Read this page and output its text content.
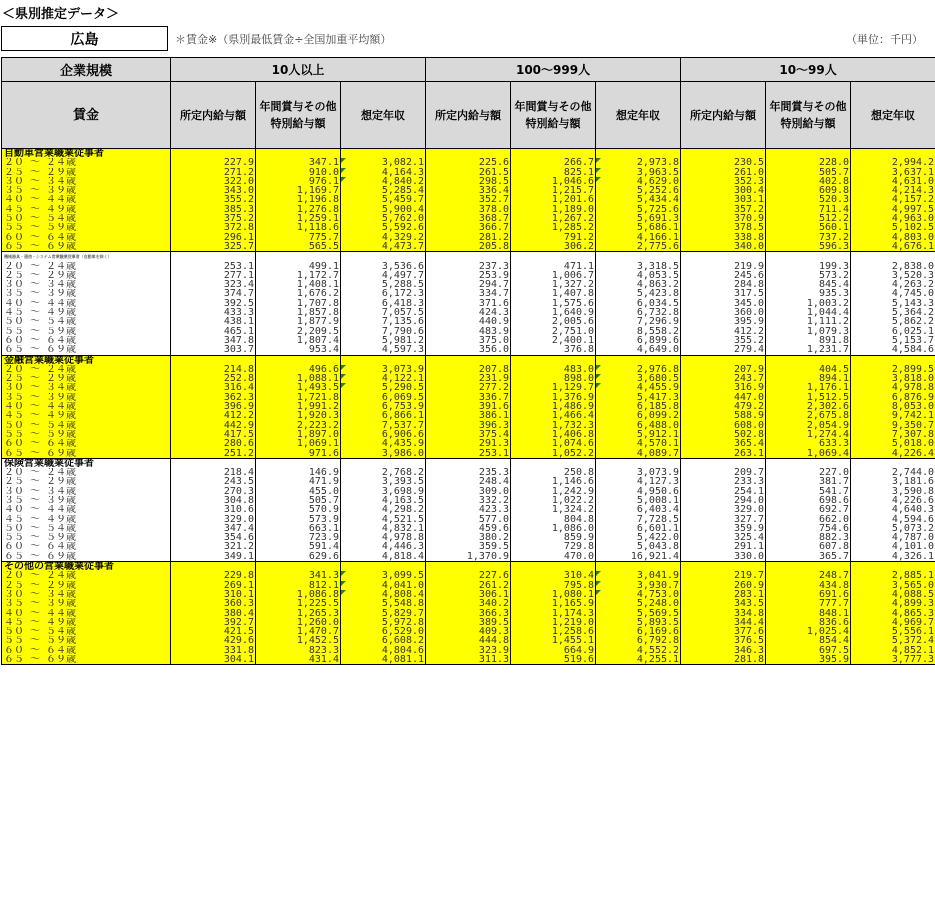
＜県別推定データ＞
広島	＊賃金※（県別最低賃金÷全国加重平均額）	（単位：千円）
企業規模	10人以上			100～999人			10～99人		
賃金	所定内給与額	年間賞与その他特別給与額	想定年収	所定内給与額	年間賞与その他特別給与額	想定年収	所定内給与額	年間賞与その他特別給与額	想定年収
自動車営業職業従事者									
２０ ～ ２４歳	227.9	347.1	3,082.1	225.6	266.7	2,973.8	230.5	228.0	2,994.2
２５ ～ ２９歳	271.2	910.0	4,164.3	261.5	825.1	3,963.5	261.0	505.7	3,637.1
３０ ～ ３４歳	322.0	976.1	4,840.2	298.5	1,046.6	4,629.0	352.3	402.8	4,631.0
３５ ～ ３９歳	343.0	1,169.7	5,285.4	336.4	1,215.7	5,252.6	300.4	609.8	4,214.3
４０ ～ ４４歳	355.2	1,196.8	5,459.7	352.7	1,201.6	5,434.4	303.1	520.3	4,157.2
４５ ～ ４９歳	385.3	1,276.8	5,900.4	378.0	1,189.0	5,725.6	357.2	711.4	4,997.5
５０ ～ ５４歳	375.2	1,259.1	5,762.0	368.7	1,267.2	5,691.3	370.9	512.2	4,963.0
５５ ～ ５９歳	372.8	1,118.6	5,592.6	366.7	1,285.2	5,686.1	378.5	560.1	5,102.5
６０ ～ ６４歳	296.1	775.7	4,329.2	281.2	791.2	4,166.1	338.8	737.2	4,803.0
６５ ～ ６９歳	325.7	565.5	4,473.7	205.8	306.2	2,775.6	340.0	596.3	4,676.1
機械器具・通信・システム営業職業従事者（自動車を除く）									
２０ ～ ２４歳	253.1	499.1	3,536.6	237.3	471.1	3,318.5	219.9	199.3	2,838.0
２５ ～ ２９歳	277.1	1,172.7	4,497.7	253.9	1,006.7	4,053.5	245.6	573.2	3,520.3
３０ ～ ３４歳	323.4	1,408.1	5,288.5	294.7	1,327.2	4,863.2	284.8	845.4	4,263.2
３５ ～ ３９歳	374.7	1,676.2	6,172.3	334.7	1,407.8	5,423.8	317.5	935.3	4,745.0
４０ ～ ４４歳	392.5	1,707.8	6,418.3	371.6	1,575.6	6,034.5	345.0	1,003.2	5,143.3
４５ ～ ４９歳	433.3	1,857.8	7,057.5	424.3	1,640.9	6,732.8	360.0	1,044.4	5,364.2
５０ ～ ５４歳	438.1	1,877.9	7,135.6	440.9	2,005.6	7,296.9	395.9	1,111.2	5,862.2
５５ ～ ５９歳	465.1	2,209.5	7,790.6	483.9	2,751.0	8,558.2	412.2	1,079.3	6,025.1
６０ ～ ６４歳	347.8	1,807.4	5,981.2	375.0	2,400.1	6,899.6	355.2	891.8	5,153.7
６５ ～ ６９歳	303.7	953.4	4,597.3	356.0	376.8	4,649.0	279.4	1,231.7	4,584.6
金融営業職業従事者									
２０ ～ ２４歳	214.8	496.6	3,073.9	207.8	483.0	2,976.8	207.9	404.5	2,899.5
２５ ～ ２９歳	252.8	1,088.1	4,122.1	231.9	898.0	3,680.5	243.7	894.1	3,818.0
３０ ～ ３４歳	316.4	1,493.5	5,290.5	277.2	1,129.7	4,455.9	316.9	1,176.1	4,978.8
３５ ～ ３９歳	362.3	1,721.8	6,069.5	336.7	1,376.9	5,417.3	447.0	1,512.5	6,876.9
４０ ～ ４４歳	396.9	1,991.2	6,753.9	391.6	1,486.9	6,185.8	479.2	2,302.6	8,053.0
４５ ～ ４９歳	412.2	1,920.3	6,866.1	386.1	1,466.4	6,099.2	588.9	2,675.8	9,742.1
５０ ～ ５４歳	442.9	2,223.2	7,537.7	396.3	1,732.3	6,488.0	608.0	2,054.9	9,350.7
５５ ～ ５９歳	417.5	1,897.0	6,906.6	375.4	1,406.8	5,912.1	502.8	1,274.4	7,307.8
６０ ～ ６４歳	280.6	1,069.1	4,435.9	291.3	1,074.6	4,570.1	365.4	633.3	5,018.0
６５ ～ ６９歳	251.2	971.6	3,986.0	253.1	1,052.2	4,089.7	263.1	1,069.4	4,226.4
保険営業職業従事者									
２０ ～ ２４歳	218.4	146.9	2,768.2	235.3	250.8	3,073.9	209.7	227.0	2,744.0
２５ ～ ２９歳	243.5	471.9	3,393.5	248.4	1,146.6	4,127.3	233.3	381.7	3,181.6
３０ ～ ３４歳	270.3	455.0	3,698.9	309.0	1,242.9	4,950.6	254.1	541.7	3,590.8
３５ ～ ３９歳	304.8	505.7	4,163.5	332.2	1,022.2	5,008.1	294.0	698.6	4,226.6
４０ ～ ４４歳	310.6	570.9	4,298.2	423.3	1,324.2	6,403.4	329.0	692.7	4,640.3
４５ ～ ４９歳	329.0	573.9	4,521.5	577.0	804.8	7,728.5	327.7	662.0	4,594.6
５０ ～ ５４歳	347.4	663.1	4,832.1	459.6	1,086.0	6,601.1	359.9	754.6	5,073.2
５５ ～ ５９歳	354.6	723.9	4,978.8	380.2	859.9	5,422.0	325.4	882.3	4,787.0
６０ ～ ６４歳	321.2	591.4	4,446.3	359.5	729.8	5,043.8	291.1	607.8	4,101.0
６５ ～ ６９歳	349.1	629.6	4,818.4	1,370.9	470.0	16,921.4	330.0	365.7	4,326.1
その他の営業職業従事者									
２０ ～ ２４歳	229.8	341.3	3,099.5	227.6	310.4	3,041.9	219.7	248.7	2,885.1
２５ ～ ２９歳	269.1	812.1	4,041.0	261.2	795.8	3,930.7	260.9	434.8	3,565.0
３０ ～ ３４歳	310.1	1,086.8	4,808.4	306.1	1,080.1	4,753.0	283.1	691.6	4,088.5
３５ ～ ３９歳	360.3	1,225.5	5,548.8	340.2	1,165.9	5,248.0	343.5	777.7	4,899.3
４０ ～ ４４歳	380.4	1,265.3	5,829.7	366.3	1,174.3	5,569.5	334.8	848.1	4,865.3
４５ ～ ４９歳	392.7	1,260.0	5,972.8	389.5	1,219.0	5,893.5	344.4	836.6	4,969.7
５０ ～ ５４歳	421.5	1,470.7	6,529.0	409.3	1,258.6	6,169.6	377.6	1,025.4	5,556.1
５５ ～ ５９歳	429.6	1,452.5	6,608.2	444.8	1,455.1	6,792.8	376.5	854.4	5,372.4
６０ ～ ６４歳	331.8	823.3	4,804.6	323.9	664.9	4,552.2	346.3	697.5	4,852.1
６５ ～ ６９歳	304.1	431.4	4,081.1	311.3	519.6	4,255.1	281.8	395.9	3,777.3
